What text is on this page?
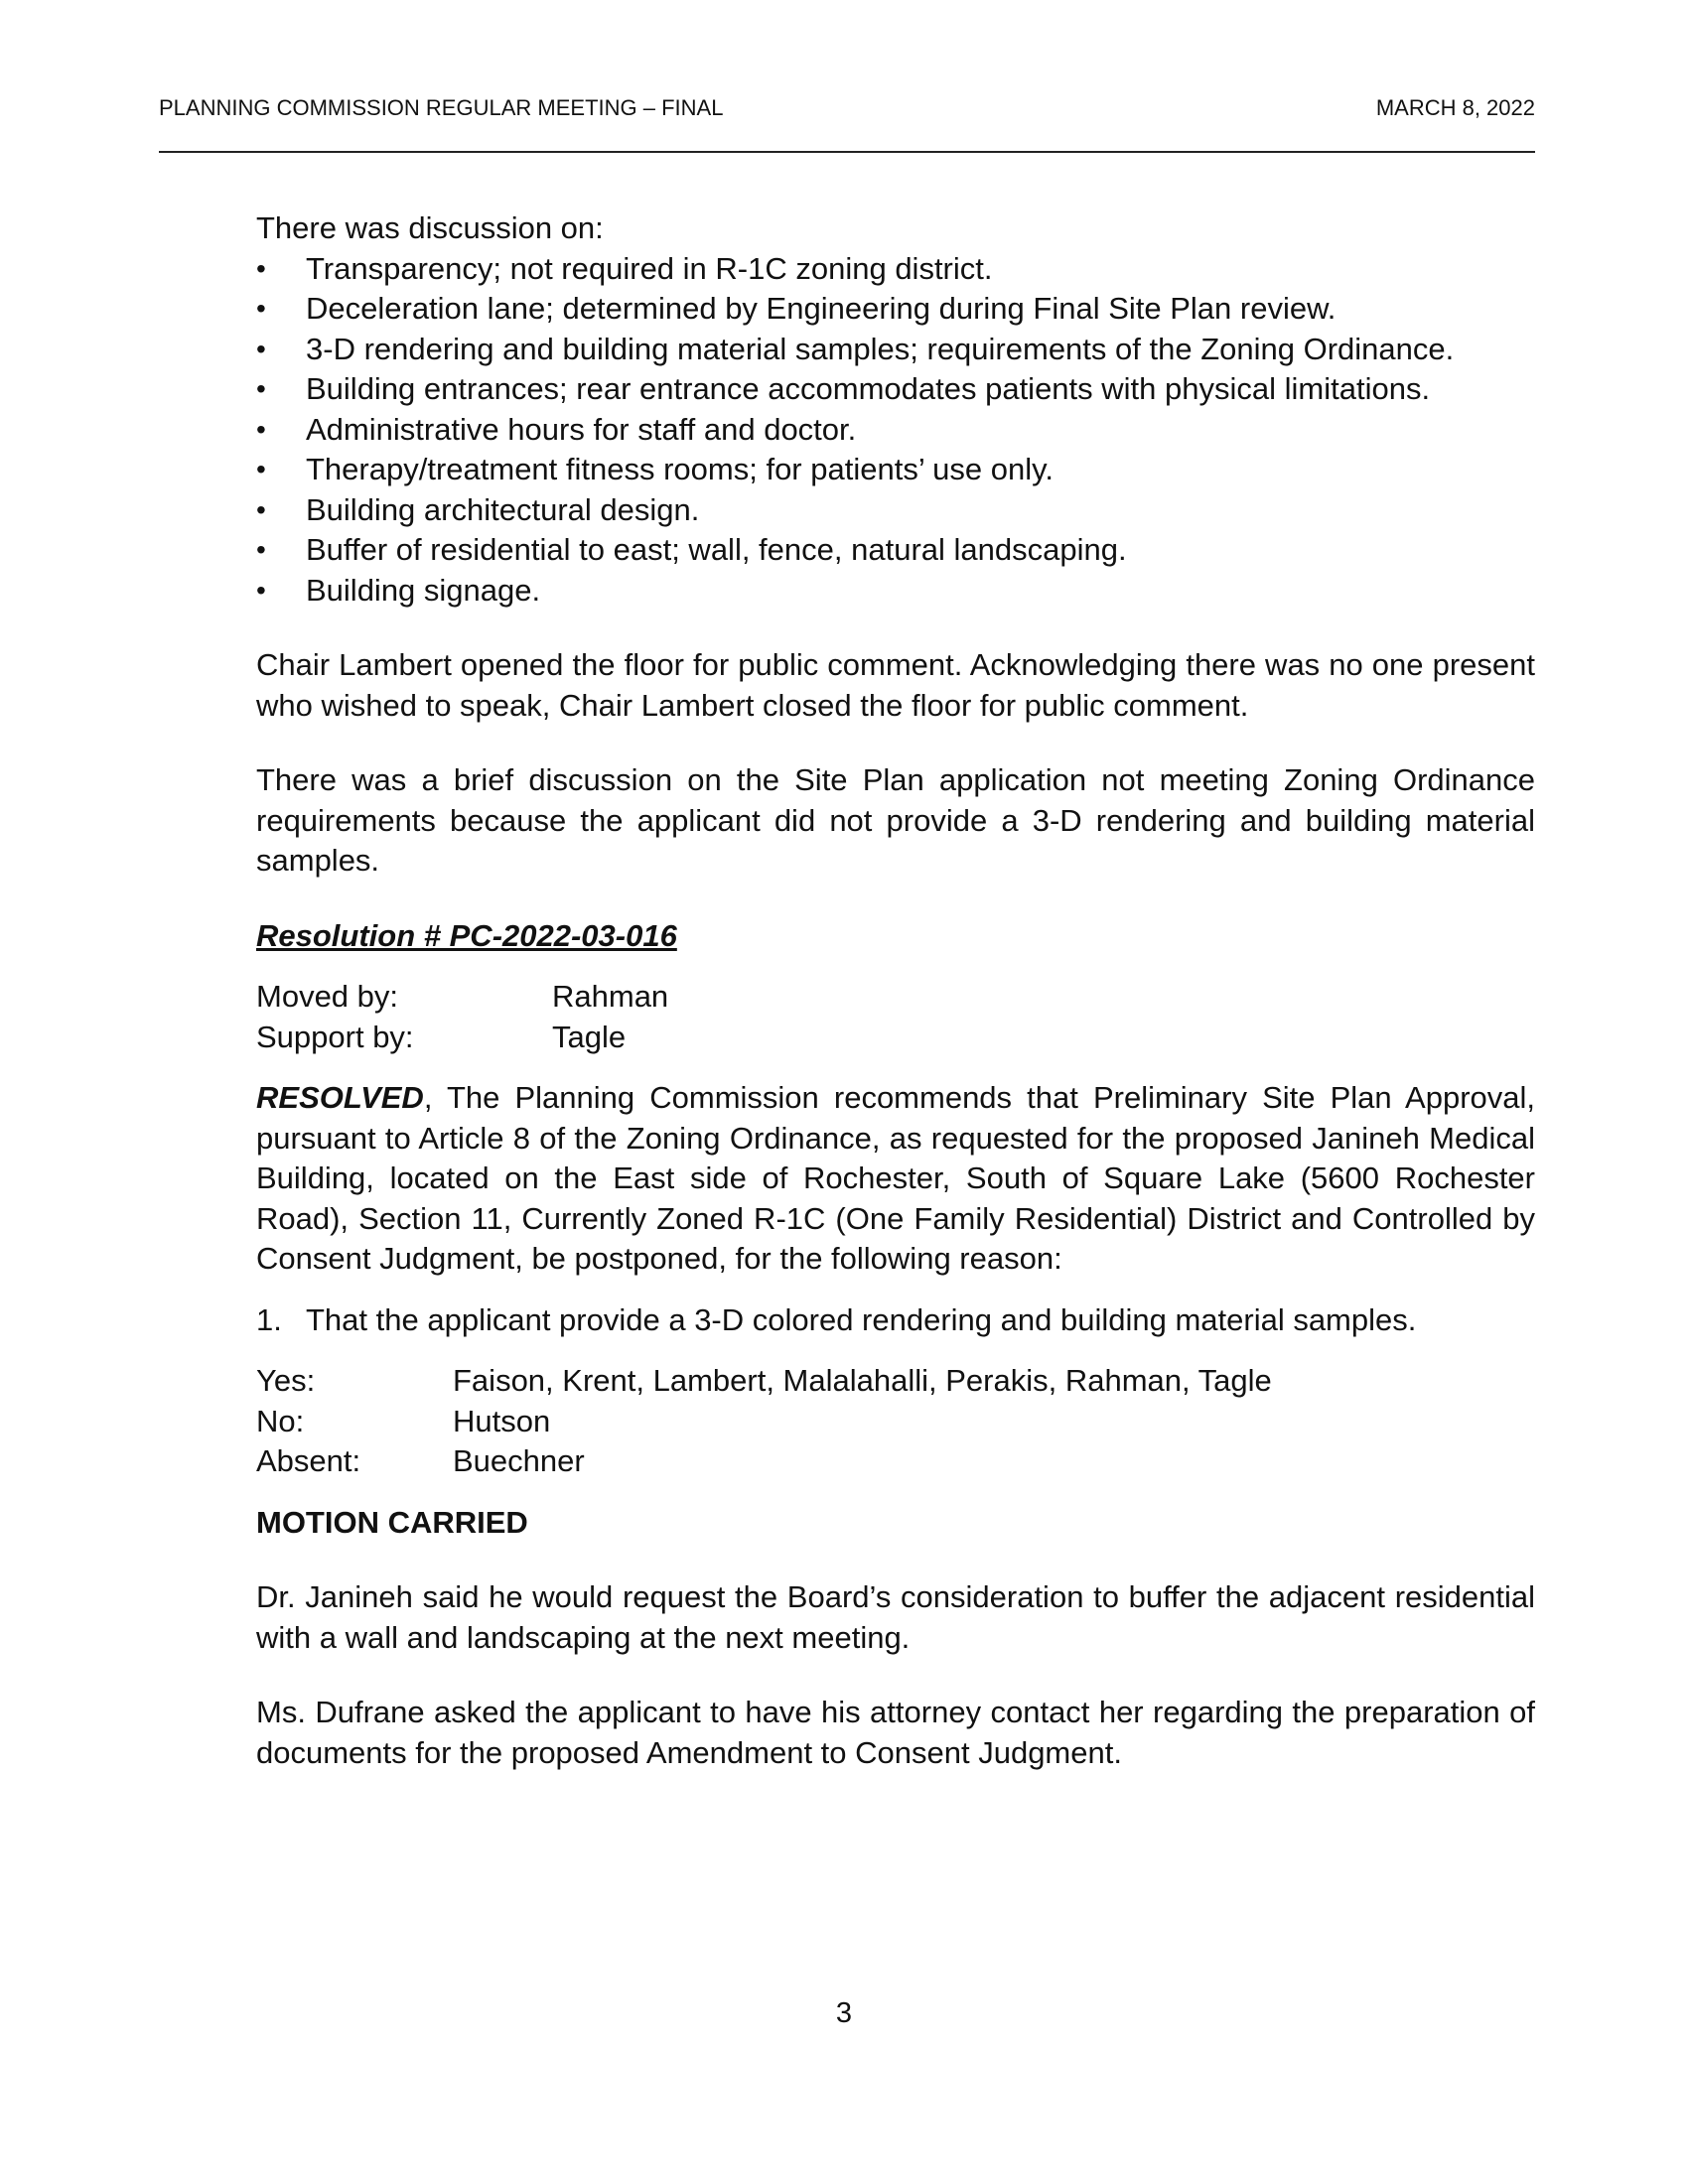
PLANNING COMMISSION REGULAR MEETING – FINAL	MARCH 8, 2022

There was discussion on:

• Transparency; not required in R-1C zoning district.
• Deceleration lane; determined by Engineering during Final Site Plan review.
• 3-D rendering and building material samples; requirements of the Zoning Ordinance.
• Building entrances; rear entrance accommodates patients with physical limitations.
• Administrative hours for staff and doctor.
• Therapy/treatment fitness rooms; for patients’ use only.
• Building architectural design.
• Buffer of residential to east; wall, fence, natural landscaping.
• Building signage.

Chair Lambert opened the floor for public comment. Acknowledging there was no one present who wished to speak, Chair Lambert closed the floor for public comment.

There was a brief discussion on the Site Plan application not meeting Zoning Ordinance requirements because the applicant did not provide a 3-D rendering and building material samples.

Resolution # PC-2022-03-016

Moved by:	Rahman
Support by:	Tagle

RESOLVED, The Planning Commission recommends that Preliminary Site Plan Approval, pursuant to Article 8 of the Zoning Ordinance, as requested for the proposed Janineh Medical Building, located on the East side of Rochester, South of Square Lake (5600 Rochester Road), Section 11, Currently Zoned R-1C (One Family Residential) District and Controlled by Consent Judgment, be postponed, for the following reason:

1. That the applicant provide a 3-D colored rendering and building material samples.
Yes:	Faison, Krent, Lambert, Malalahalli, Perakis, Rahman, Tagle
No:	Hutson
Absent:	Buechner

MOTION CARRIED

Dr. Janineh said he would request the Board’s consideration to buffer the adjacent residential with a wall and landscaping at the next meeting.

Ms. Dufrane asked the applicant to have his attorney contact her regarding the preparation of documents for the proposed Amendment to Consent Judgment.

3
